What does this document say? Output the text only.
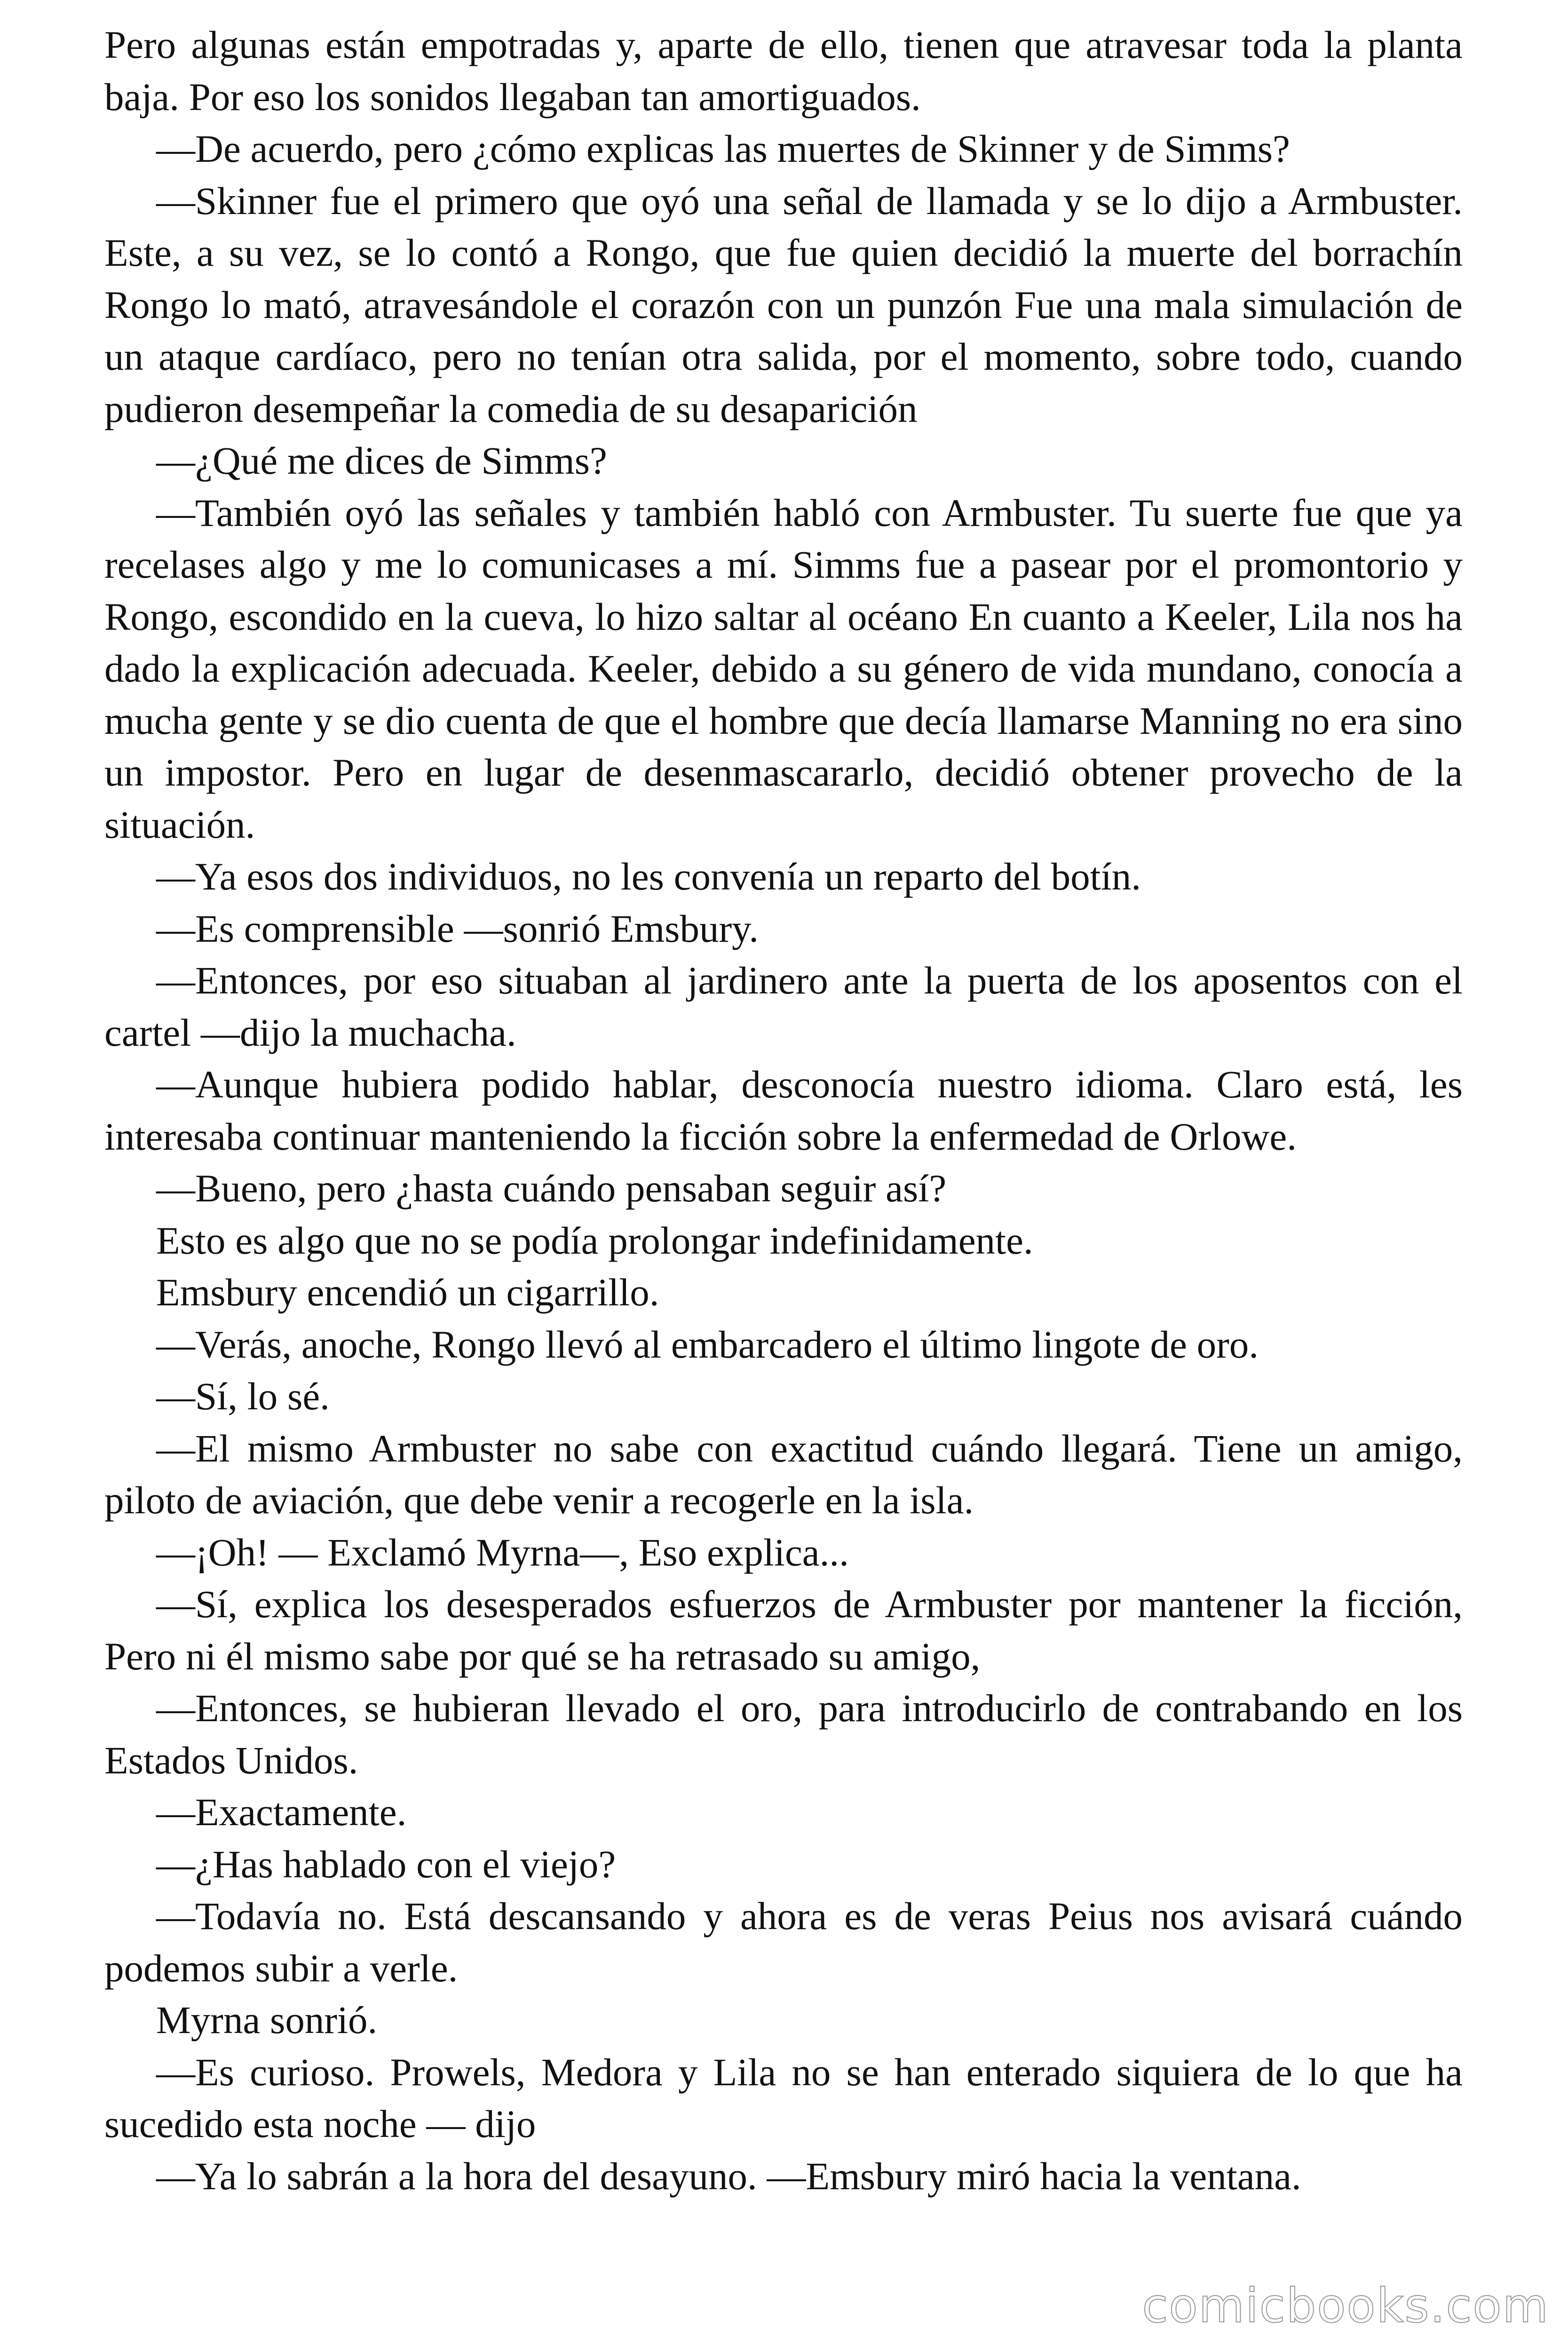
Pero algunas están empotradas y, aparte de ello, tienen que atravesar toda la planta baja. Por eso los sonidos llegaban tan amortiguados.

—De acuerdo, pero ¿cómo explicas las muertes de Skinner y de Simms?

—Skinner fue el primero que oyó una señal de llamada y se lo dijo a Armbuster. Este, a su vez, se lo contó a Rongo, que fue quien decidió la muerte del borrachín Rongo lo mató, atravesándole el corazón con un punzón Fue una mala simulación de un ataque cardíaco, pero no tenían otra salida, por el momento, sobre todo, cuando pudieron desempeñar la comedia de su desaparición

—¿Qué me dices de Simms?

—También oyó las señales y también habló con Armbuster. Tu suerte fue que ya recelases algo y me lo comunicases a mí. Simms fue a pasear por el promontorio y Rongo, escondido en la cueva, lo hizo saltar al océano En cuanto a Keeler, Lila nos ha dado la explicación adecuada. Keeler, debido a su género de vida mundano, conocía a mucha gente y se dio cuenta de que el hombre que decía llamarse Manning no era sino un impostor. Pero en lugar de desenmascararlo, decidió obtener provecho de la situación.

—Ya esos dos individuos, no les convenía un reparto del botín.

—Es comprensible —sonrió Emsbury.

—Entonces, por eso situaban al jardinero ante la puerta de los aposentos con el cartel —dijo la muchacha.

—Aunque hubiera podido hablar, desconocía nuestro idioma. Claro está, les interesaba continuar manteniendo la ficción sobre la enfermedad de Orlowe.

—Bueno, pero ¿hasta cuándo pensaban seguir así?

Esto es algo que no se podía prolongar indefinidamente.

Emsbury encendió un cigarrillo.

—Verás, anoche, Rongo llevó al embarcadero el último lingote de oro.

—Sí, lo sé.

—El mismo Armbuster no sabe con exactitud cuándo llegará. Tiene un amigo, piloto de aviación, que debe venir a recogerle en la isla.

—¡Oh! — Exclamó Myrna—, Eso explica...

—Sí, explica los desesperados esfuerzos de Armbuster por mantener la ficción, Pero ni él mismo sabe por qué se ha retrasado su amigo,

—Entonces, se hubieran llevado el oro, para introducirlo de contrabando en los Estados Unidos.

—Exactamente.

—¿Has hablado con el viejo?

—Todavía no. Está descansando y ahora es de veras Peius nos avisará cuándo podemos subir a verle.

Myrna sonrió.

—Es curioso. Prowels, Medora y Lila no se han enterado siquiera de lo que ha sucedido esta noche — dijo

—Ya lo sabrán a la hora del desayuno. —Emsbury miró hacia la ventana.

comicbooks.com
